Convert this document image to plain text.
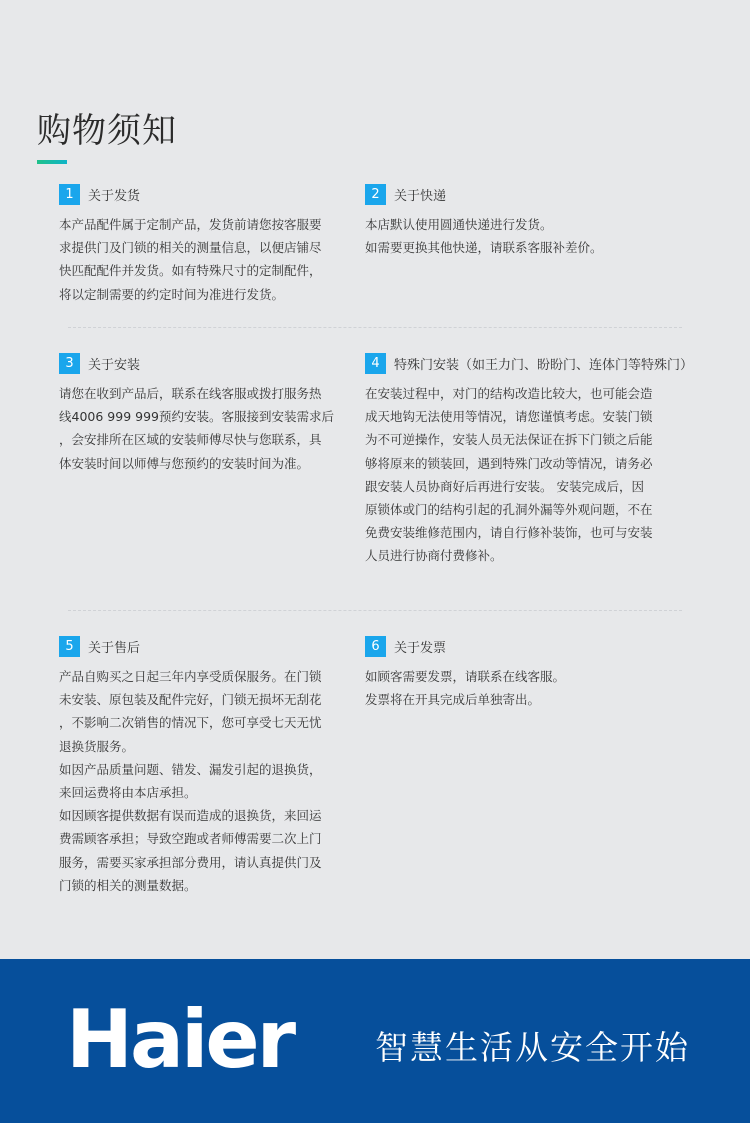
购物须知
1	关于发货

本产品配件属于定制产品，发货前请您按客服要

求提供门及门锁的相关的测量信息，以便店铺尽

快匹配配件并发货。如有特殊尺寸的定制配件，

将以定制需要的约定时间为准进行发货。

2	关于快递

本店默认使用圆通快递进行发货。

如需要更换其他快递，请联系客服补差价。

3	关于安装

请您在收到产品后，联系在线客服或拨打服务热

线4006 999 999预约安装。客服接到安装需求后

，会安排所在区域的安装师傅尽快与您联系，具

体安装时间以师傅与您预约的安装时间为准。

4	特殊门安装（如王力门、盼盼门、连体门等特殊门）

在安装过程中，对门的结构改造比较大，也可能会造

成天地钩无法使用等情况，请您谨慎考虑。安装门锁

为不可逆操作，安装人员无法保证在拆下门锁之后能

够将原来的锁装回，遇到特殊门改动等情况，请务必

跟安装人员协商好后再进行安装。 安装完成后，因

原锁体或门的结构引起的孔洞外漏等外观问题，不在

免费安装维修范围内，请自行修补装饰，也可与安装

人员进行协商付费修补。

5	关于售后

产品自购买之日起三年内享受质保服务。在门锁

未安装、原包装及配件完好，门锁无损坏无刮花

，不影响二次销售的情况下，您可享受七天无忧

退换货服务。

如因产品质量问题、错发、漏发引起的退换货，

来回运费将由本店承担。

如因顾客提供数据有误而造成的退换货，来回运

费需顾客承担；导致空跑或者师傅需要二次上门

服务，需要买家承担部分费用，请认真提供门及

门锁的相关的测量数据。

6	关于发票

如顾客需要发票，请联系在线客服。

发票将在开具完成后单独寄出。

Haier 智慧生活从安全开始
